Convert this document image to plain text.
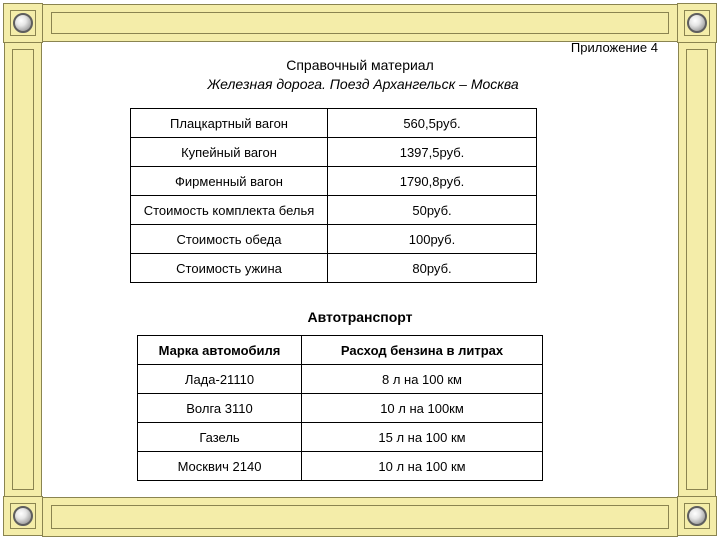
Приложение 4
Справочный материал
Железная дорога. Поезд Архангельск – Москва
Плацкартный вагон	560,5руб.
Купейный вагон	1397,5руб.
Фирменный вагон	1790,8руб.
Стоимость комплекта белья	50руб.
Стоимость обеда	100руб.
Стоимость ужина	80руб.
Автотранспорт
Марка автомобиля	Расход бензина в литрах
Лада-21110	8 л на 100 км
Волга 3110	10 л на 100км
Газель	15 л на 100 км
Москвич 2140	10 л на 100 км
